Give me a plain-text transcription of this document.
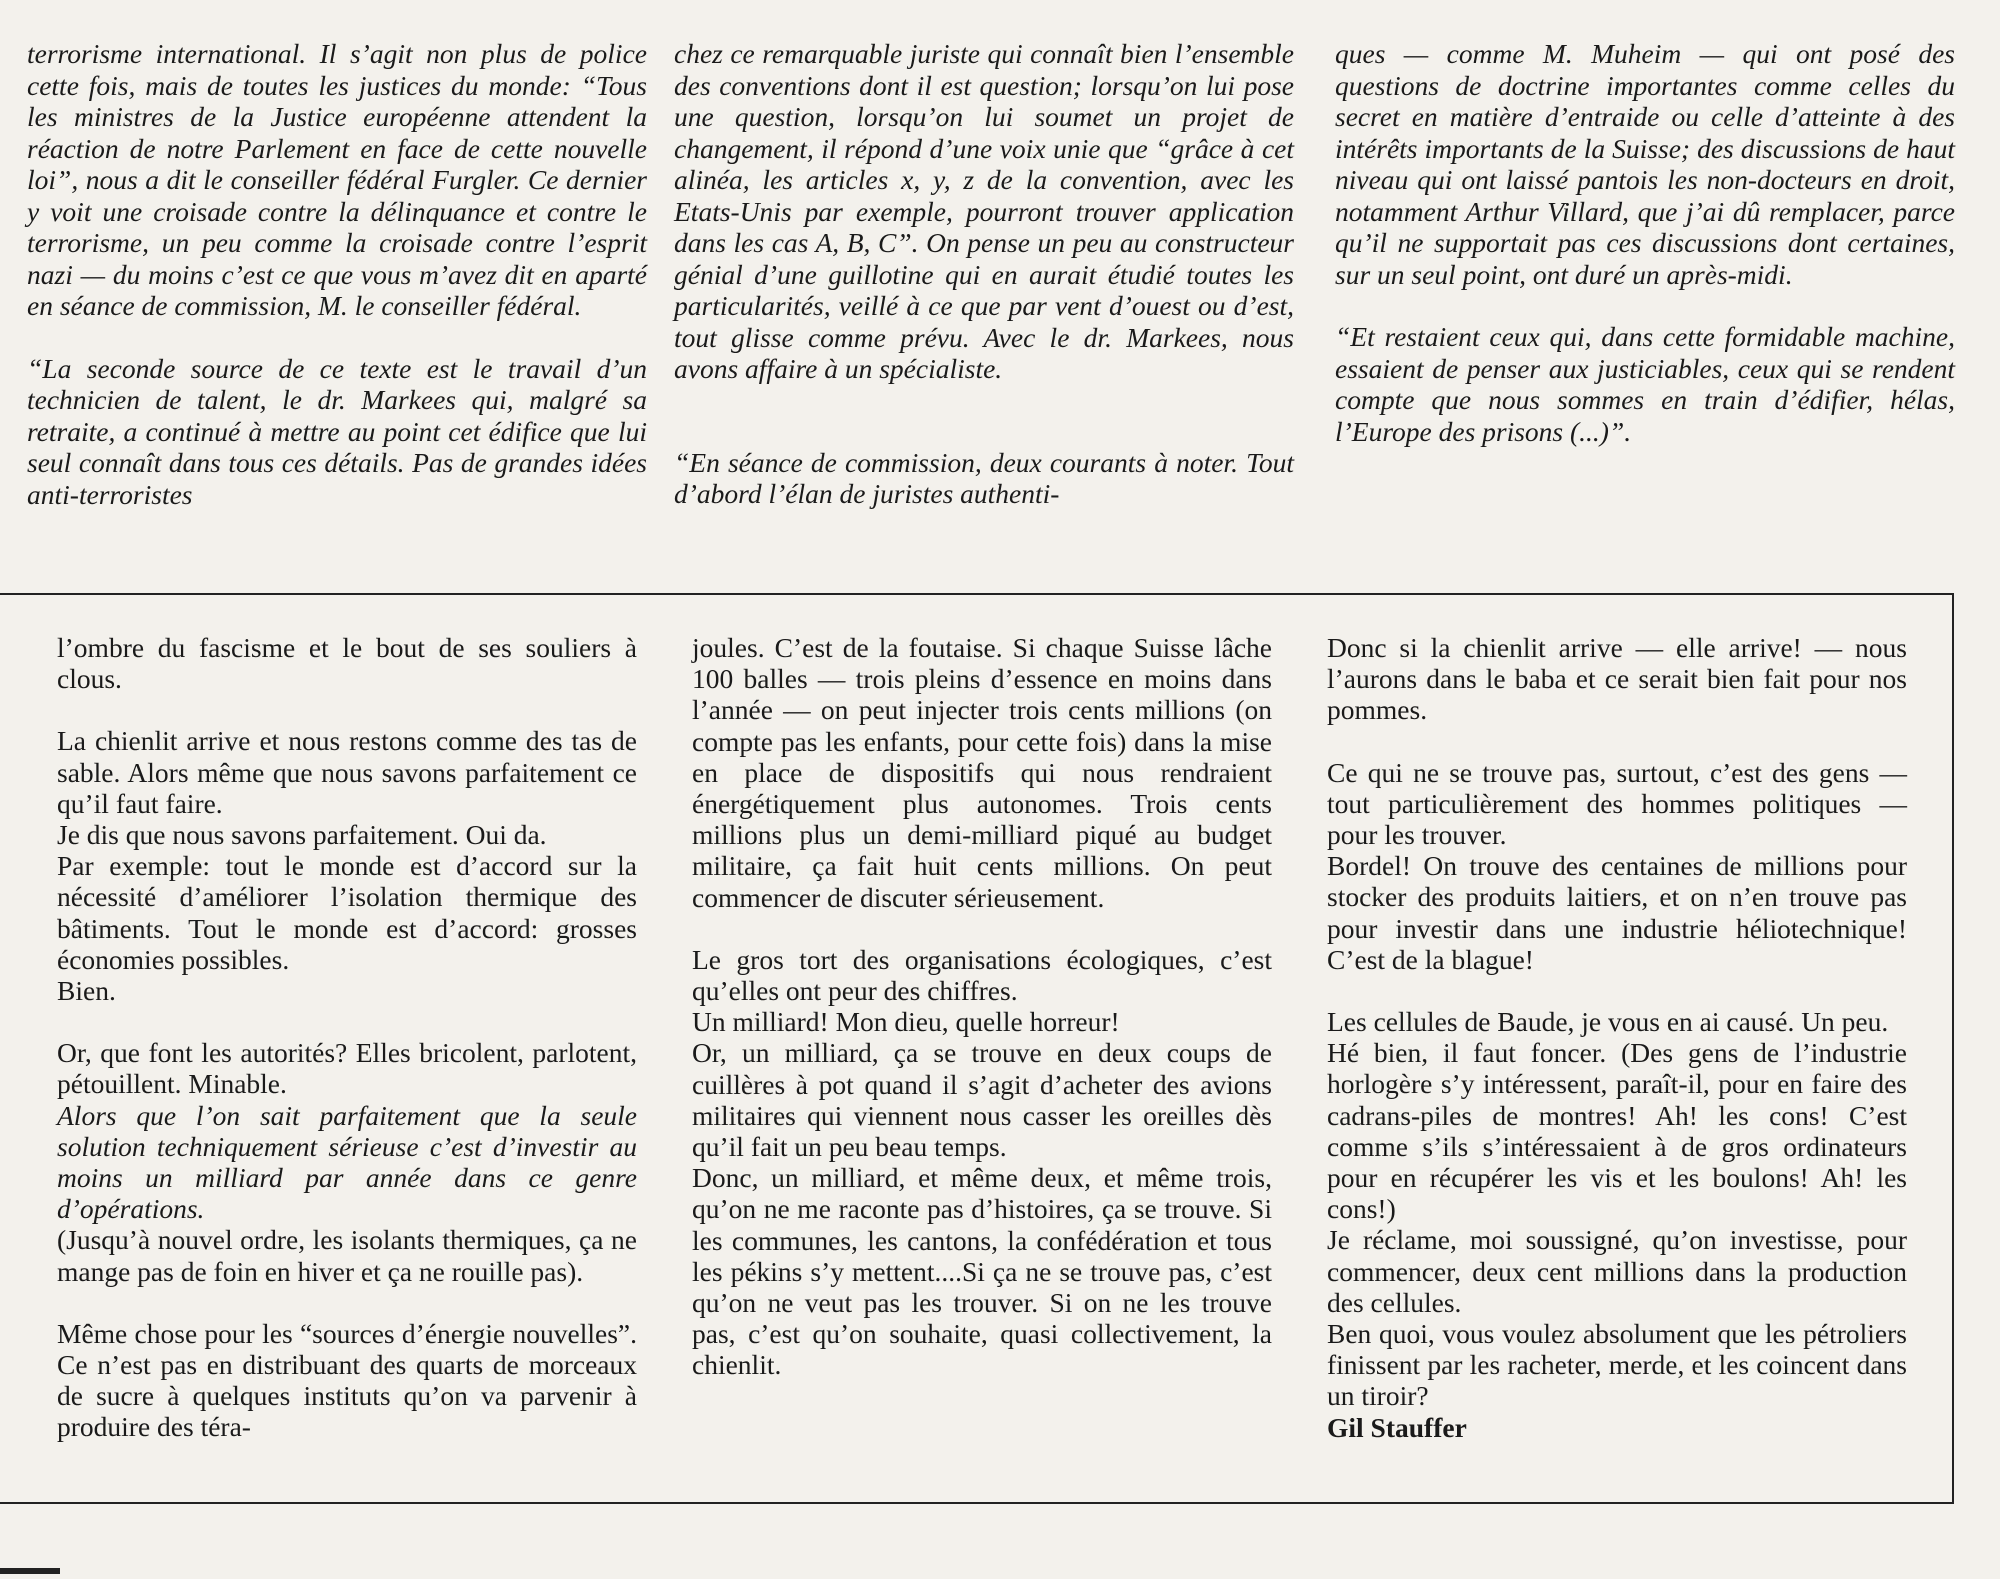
terrorisme international. Il s’agit non plus de police cette fois, mais de toutes les justices du monde: “Tous les ministres de la Justice européenne attendent la réaction de notre Parlement en face de cette nouvelle loi”, nous a dit le conseiller fédéral Furgler. Ce dernier y voit une croisade contre la délinquance et contre le terrorisme, un peu comme la croisade contre l’esprit nazi — du moins c’est ce que vous m’avez dit en aparté en séance de commission, M. le conseiller fédéral.

“La seconde source de ce texte est le travail d’un technicien de talent, le dr. Markees qui, malgré sa retraite, a continué à mettre au point cet édifice que lui seul connaît dans tous ces détails. Pas de grandes idées anti-terroristes

chez ce remarquable juriste qui connaît bien l’ensemble des conventions dont il est question; lorsqu’on lui pose une question, lorsqu’on lui soumet un projet de changement, il répond d’une voix unie que “grâce à cet alinéa, les articles x, y, z de la convention, avec les Etats-Unis par exemple, pourront trouver application dans les cas A, B, C”. On pense un peu au constructeur génial d’une guillotine qui en aurait étudié toutes les particularités, veillé à ce que par vent d’ouest ou d’est, tout glisse comme prévu. Avec le dr. Markees, nous avons affaire à un spécialiste.

“En séance de commission, deux courants à noter. Tout d’abord l’élan de juristes authenti-

ques — comme M. Muheim — qui ont posé des questions de doctrine importantes comme celles du secret en matière d’entraide ou celle d’atteinte à des intérêts importants de la Suisse; des discussions de haut niveau qui ont laissé pantois les non-docteurs en droit, notamment Arthur Villard, que j’ai dû remplacer, parce qu’il ne supportait pas ces discussions dont certaines, sur un seul point, ont duré un après-midi.

“Et restaient ceux qui, dans cette formidable machine, essaient de penser aux justiciables, ceux qui se rendent compte que nous sommes en train d’édifier, hélas, l’Europe des prisons (...)”.

l’ombre du fascisme et le bout de ses souliers à clous.

La chienlit arrive et nous restons comme des tas de sable. Alors même que nous savons parfaitement ce qu’il faut faire.

Je dis que nous savons parfaitement. Oui da.

Par exemple: tout le monde est d’accord sur la nécessité d’améliorer l’isolation thermique des bâtiments. Tout le monde est d’accord: grosses économies possibles.

Bien.

Or, que font les autorités? Elles bricolent, parlotent, pétouillent. Minable.

Alors que l’on sait parfaitement que la seule solution techniquement sérieuse c’est d’investir au moins un milliard par année dans ce genre d’opérations.

(Jusqu’à nouvel ordre, les isolants thermiques, ça ne mange pas de foin en hiver et ça ne rouille pas).

Même chose pour les “sources d’énergie nouvelles”. Ce n’est pas en distribuant des quarts de morceaux de sucre à quelques instituts qu’on va parvenir à produire des téra-

joules. C’est de la foutaise. Si chaque Suisse lâche 100 balles — trois pleins d’essence en moins dans l’année — on peut injecter trois cents millions (on compte pas les enfants, pour cette fois) dans la mise en place de dispositifs qui nous rendraient énergétiquement plus autonomes. Trois cents millions plus un demi-milliard piqué au budget militaire, ça fait huit cents millions. On peut commencer de discuter sérieusement.

Le gros tort des organisations écologiques, c’est qu’elles ont peur des chiffres.

Un milliard! Mon dieu, quelle horreur!

Or, un milliard, ça se trouve en deux coups de cuillères à pot quand il s’agit d’acheter des avions militaires qui viennent nous casser les oreilles dès qu’il fait un peu beau temps.

Donc, un milliard, et même deux, et même trois, qu’on ne me raconte pas d’histoires, ça se trouve. Si les communes, les cantons, la confédération et tous les pékins s’y mettent....Si ça ne se trouve pas, c’est qu’on ne veut pas les trouver. Si on ne les trouve pas, c’est qu’on souhaite, quasi collectivement, la chienlit.

Donc si la chienlit arrive — elle arrive! — nous l’aurons dans le baba et ce serait bien fait pour nos pommes.

Ce qui ne se trouve pas, surtout, c’est des gens — tout particulièrement des hommes politiques — pour les trouver.

Bordel! On trouve des centaines de millions pour stocker des produits laitiers, et on n’en trouve pas pour investir dans une industrie héliotechnique! C’est de la blague!

Les cellules de Baude, je vous en ai causé. Un peu.

Hé bien, il faut foncer. (Des gens de l’industrie horlogère s’y intéressent, paraît-il, pour en faire des cadrans-piles de montres! Ah! les cons! C’est comme s’ils s’intéressaient à de gros ordinateurs pour en récupérer les vis et les boulons! Ah! les cons!)

Je réclame, moi soussigné, qu’on investisse, pour commencer, deux cent millions dans la production des cellules.

Ben quoi, vous voulez absolument que les pétroliers finissent par les racheter, merde, et les coincent dans un tiroir?

Gil Stauffer
